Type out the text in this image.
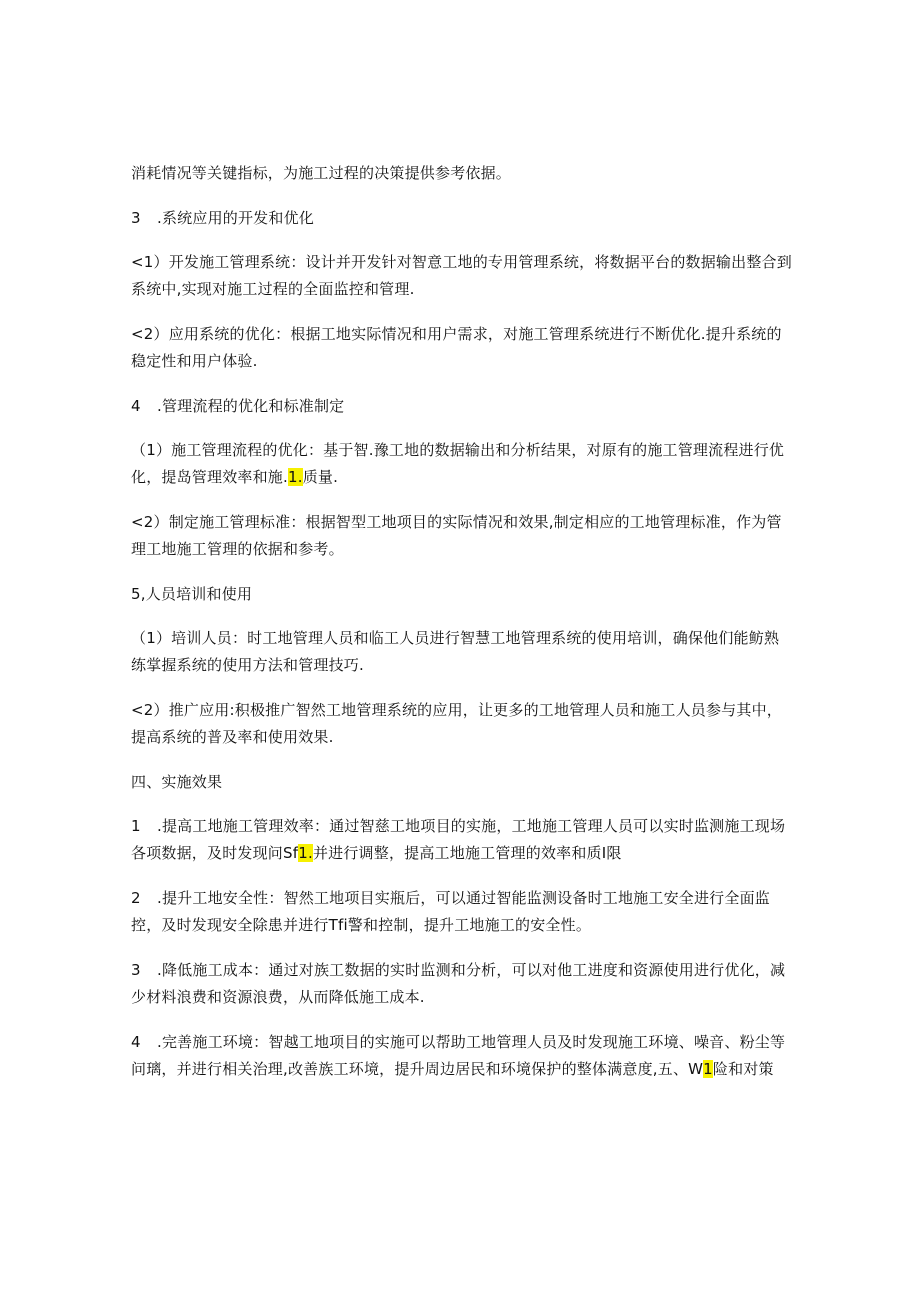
消耗情况等关键指标，为施工过程的决策提供参考依据。

3 .系统应用的开发和优化

<1）开发施工管理系统：设计并开发针对智意工地的专用管理系统，将数据平台的数据输出整合到系统中,实现对施工过程的全面监控和管理.

<2）应用系统的优化：根据工地实际情况和用户需求，对施工管理系统进行不断优化.提升系统的稳定性和用户体验.

4 .管理流程的优化和标准制定

（1）施工管理流程的优化：基于智.豫工地的数据输出和分析结果，对原有的施工管理流程进行优化，提岛管理效率和施.1.质量.

<2）制定施工管理标准：根据智型工地项目的实际情况和效果,制定相应的工地管理标准，作为管理工地施工管理的依据和参考。

5,人员培训和使用

（1）培训人员：时工地管理人员和临工人员进行智慧工地管理系统的使用培训，确保他们能鲂熟练掌握系统的使用方法和管理技巧.

<2）推广应用:积极推广智然工地管理系统的应用，让更多的工地管理人员和施工人员参与其中，提高系统的普及率和使用效果.

四、实施效果

1 .提高工地施工管理效率：通过智慈工地项目的实施，工地施工管理人员可以实时监测施工现场各项数据，及时发现问Sf1.并进行调整，提高工地施工管理的效率和质I限

2 .提升工地安全性：智然工地项目实瓶后，可以通过智能监测设备时工地施工安全进行全面监控，及时发现安全除患并进行Tfi警和控制，提升工地施工的安全性。

3 .降低施工成本：通过对族工数据的实时监测和分析，可以对他工进度和资源使用进行优化，减少材料浪费和资源浪费，从而降低施工成本.

4 .完善施工环境：智越工地项目的实施可以帮助工地管理人员及时发现施工环境、噪音、粉尘等问璃，并进行相关治理,改善族工环境，提升周边居民和环境保护的整体满意度,五、W1险和对策
